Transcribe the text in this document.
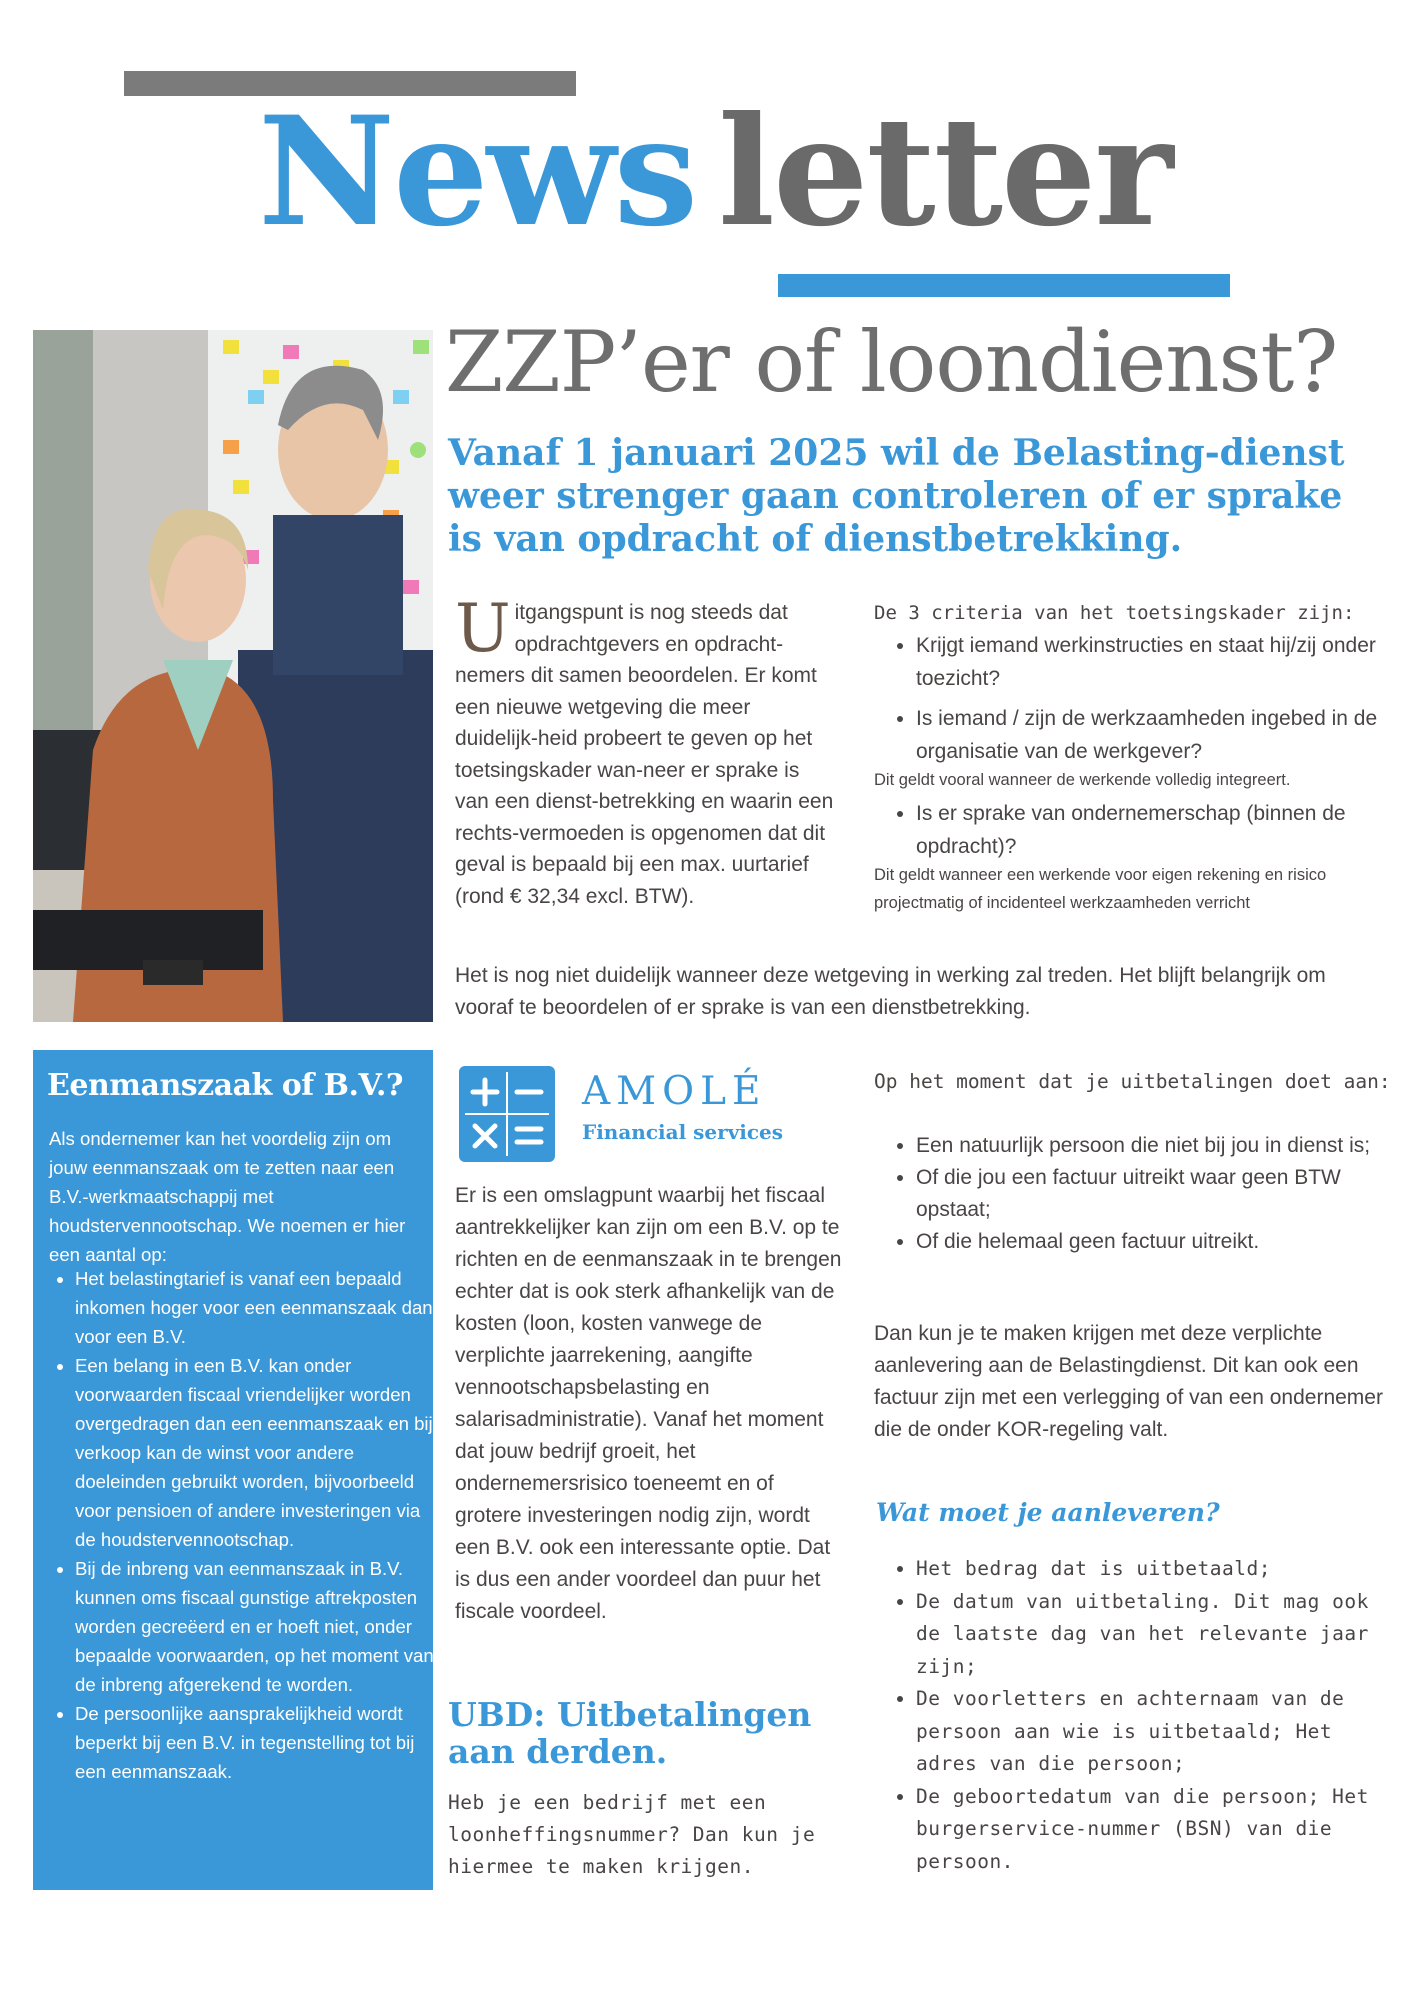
News letter
ZZP’er of loondienst?
Vanaf 1 januari 2025 wil de Belasting-dienst weer strenger gaan controleren of er sprake is van opdracht of dienstbetrekking.
Uitgangspunt is nog steeds dat opdrachtgevers en opdracht-nemers dit samen beoordelen. Er komt een nieuwe wetgeving die meer duidelijk-heid probeert te geven op het toetsingskader wan-neer er sprake is van een dienst-betrekking en waarin een rechts-vermoeden is opgenomen dat dit geval is bepaald bij een max. uurtarief (rond € 32,34 excl. BTW).
De 3 criteria van het toetsingskader zijn:
• Krijgt iemand werkinstructies en staat hij/zij onder toezicht?
• Is iemand / zijn de werkzaamheden ingebed in de organisatie van de werkgever?
Dit geldt vooral wanneer de werkende volledig integreert.
• Is er sprake van ondernemerschap (binnen de opdracht)?
Dit geldt wanneer een werkende voor eigen rekening en risico projectmatig of incidenteel werkzaamheden verricht
Het is nog niet duidelijk wanneer deze wetgeving in werking zal treden. Het blijft belangrijk om vooraf te beoordelen of er sprake is van een dienstbetrekking.
Eenmanszaak of B.V.?
Als ondernemer kan het voordelig zijn om jouw eenmanszaak om te zetten naar een B.V.-werkmaatschappij met houdstervennootschap. We noemen er hier een aantal op:
• Het belastingtarief is vanaf een bepaald inkomen hoger voor een eenmanszaak dan voor een B.V.
• Een belang in een B.V. kan onder voorwaarden fiscaal vriendelijker worden overgedragen dan een eenmanszaak en bij verkoop kan de winst voor andere doeleinden gebruikt worden, bijvoorbeeld voor pensioen of andere investeringen via de houdstervennootschap.
• Bij de inbreng van eenmanszaak in B.V. kunnen oms fiscaal gunstige aftrekposten worden gecreëerd en er hoeft niet, onder bepaalde voorwaarden, op het moment van de inbreng afgerekend te worden.
• De persoonlijke aansprakelijkheid wordt beperkt bij een B.V. in tegenstelling tot bij een eenmanszaak.
AMOLÉ
Financial services
Er is een omslagpunt waarbij het fiscaal aantrekkelijker kan zijn om een B.V. op te richten en de eenmanszaak in te brengen echter dat is ook sterk afhankelijk van de kosten (loon, kosten vanwege de verplichte jaarrekening, aangifte vennootschapsbelasting en salarisadministratie). Vanaf het moment dat jouw bedrijf groeit, het ondernemersrisico toeneemt en of grotere investeringen nodig zijn, wordt een B.V. ook een interessante optie. Dat is dus een ander voordeel dan puur het fiscale voordeel.
UBD: Uitbetalingen aan derden.
Heb je een bedrijf met een loonheffingsnummer? Dan kun je hiermee te maken krijgen.
Op het moment dat je uitbetalingen doet aan:
• Een natuurlijk persoon die niet bij jou in dienst is;
• Of die jou een factuur uitreikt waar geen BTW opstaat;
• Of die helemaal geen factuur uitreikt.
Dan kun je te maken krijgen met deze verplichte aanlevering aan de Belastingdienst. Dit kan ook een factuur zijn met een verlegging of van een ondernemer die de onder KOR-regeling valt.
Wat moet je aanleveren?
• Het bedrag dat is uitbetaald;
• De datum van uitbetaling. Dit mag ook de laatste dag van het relevante jaar zijn;
• De voorletters en achternaam van de persoon aan wie is uitbetaald; Het adres van die persoon;
• De geboortedatum van die persoon; Het burgerservice-nummer (BSN) van die persoon.
